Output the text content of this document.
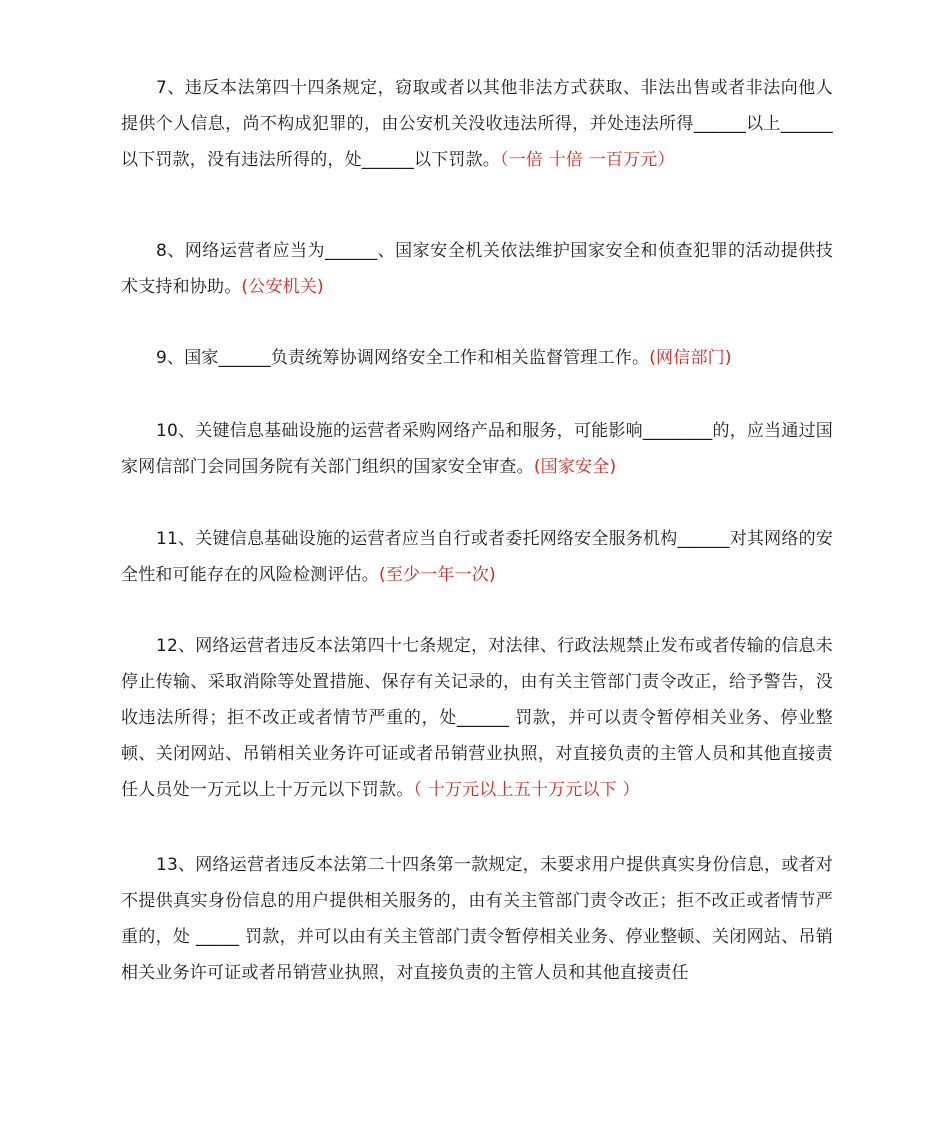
7、违反本法第四十四条规定，窃取或者以其他非法方式获取、非法出售或者非法向他人提供个人信息，尚不构成犯罪的，由公安机关没收违法所得，并处违法所得______以上______以下罚款，没有违法所得的，处______以下罚款。（一倍 十倍 一百万元）

8、网络运营者应当为______、国家安全机关依法维护国家安全和侦查犯罪的活动提供技术支持和协助。(公安机关)

9、国家______负责统筹协调网络安全工作和相关监督管理工作。(网信部门)

10、关键信息基础设施的运营者采购网络产品和服务，可能影响________的，应当通过国家网信部门会同国务院有关部门组织的国家安全审查。(国家安全)

11、关键信息基础设施的运营者应当自行或者委托网络安全服务机构______对其网络的安全性和可能存在的风险检测评估。(至少一年一次)

12、网络运营者违反本法第四十七条规定，对法律、行政法规禁止发布或者传输的信息未停止传输、采取消除等处置措施、保存有关记录的，由有关主管部门责令改正，给予警告，没收违法所得；拒不改正或者情节严重的，处______ 罚款，并可以责令暂停相关业务、停业整顿、关闭网站、吊销相关业务许可证或者吊销营业执照，对直接负责的主管人员和其他直接责任人员处一万元以上十万元以下罚款。（ 十万元以上五十万元以下 ）

13、网络运营者违反本法第二十四条第一款规定，未要求用户提供真实身份信息，或者对不提供真实身份信息的用户提供相关服务的，由有关主管部门责令改正；拒不改正或者情节严重的，处 _____ 罚款，并可以由有关主管部门责令暂停相关业务、停业整顿、关闭网站、吊销相关业务许可证或者吊销营业执照，对直接负责的主管人员和其他直接责任
